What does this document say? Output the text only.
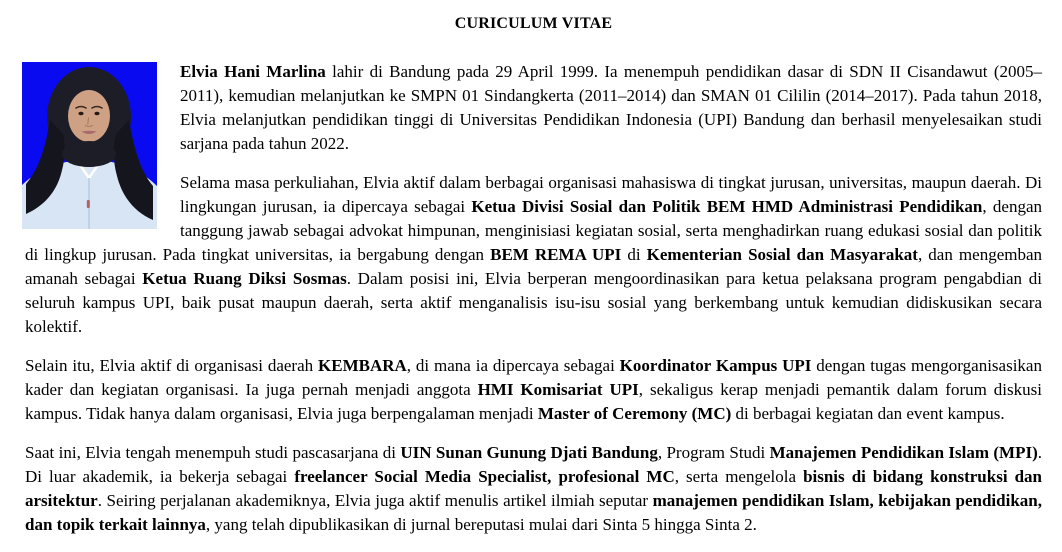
CURICULUM VITAE

Elvia Hani Marlina lahir di Bandung pada 29 April 1999. Ia menempuh pendidikan dasar di SDN II Cisandawut (2005–2011), kemudian melanjutkan ke SMPN 01 Sindangkerta (2011–2014) dan SMAN 01 Cililin (2014–2017). Pada tahun 2018, Elvia melanjutkan pendidikan tinggi di Universitas Pendidikan Indonesia (UPI) Bandung dan berhasil menyelesaikan studi sarjana pada tahun 2022.

Selama masa perkuliahan, Elvia aktif dalam berbagai organisasi mahasiswa di tingkat jurusan, universitas, maupun daerah. Di lingkungan jurusan, ia dipercaya sebagai Ketua Divisi Sosial dan Politik BEM HMD Administrasi Pendidikan, dengan tanggung jawab sebagai advokat himpunan, menginisiasi kegiatan sosial, serta menghadirkan ruang edukasi sosial dan politik di lingkup jurusan. Pada tingkat universitas, ia bergabung dengan BEM REMA UPI di Kementerian Sosial dan Masyarakat, dan mengemban amanah sebagai Ketua Ruang Diksi Sosmas. Dalam posisi ini, Elvia berperan mengoordinasikan para ketua pelaksana program pengabdian di seluruh kampus UPI, baik pusat maupun daerah, serta aktif menganalisis isu-isu sosial yang berkembang untuk kemudian didiskusikan secara kolektif.

Selain itu, Elvia aktif di organisasi daerah KEMBARA, di mana ia dipercaya sebagai Koordinator Kampus UPI dengan tugas mengorganisasikan kader dan kegiatan organisasi. Ia juga pernah menjadi anggota HMI Komisariat UPI, sekaligus kerap menjadi pemantik dalam forum diskusi kampus. Tidak hanya dalam organisasi, Elvia juga berpengalaman menjadi Master of Ceremony (MC) di berbagai kegiatan dan event kampus.

Saat ini, Elvia tengah menempuh studi pascasarjana di UIN Sunan Gunung Djati Bandung, Program Studi Manajemen Pendidikan Islam (MPI). Di luar akademik, ia bekerja sebagai freelancer Social Media Specialist, profesional MC, serta mengelola bisnis di bidang konstruksi dan arsitektur. Seiring perjalanan akademiknya, Elvia juga aktif menulis artikel ilmiah seputar manajemen pendidikan Islam, kebijakan pendidikan, dan topik terkait lainnya, yang telah dipublikasikan di jurnal bereputasi mulai dari Sinta 5 hingga Sinta 2.
